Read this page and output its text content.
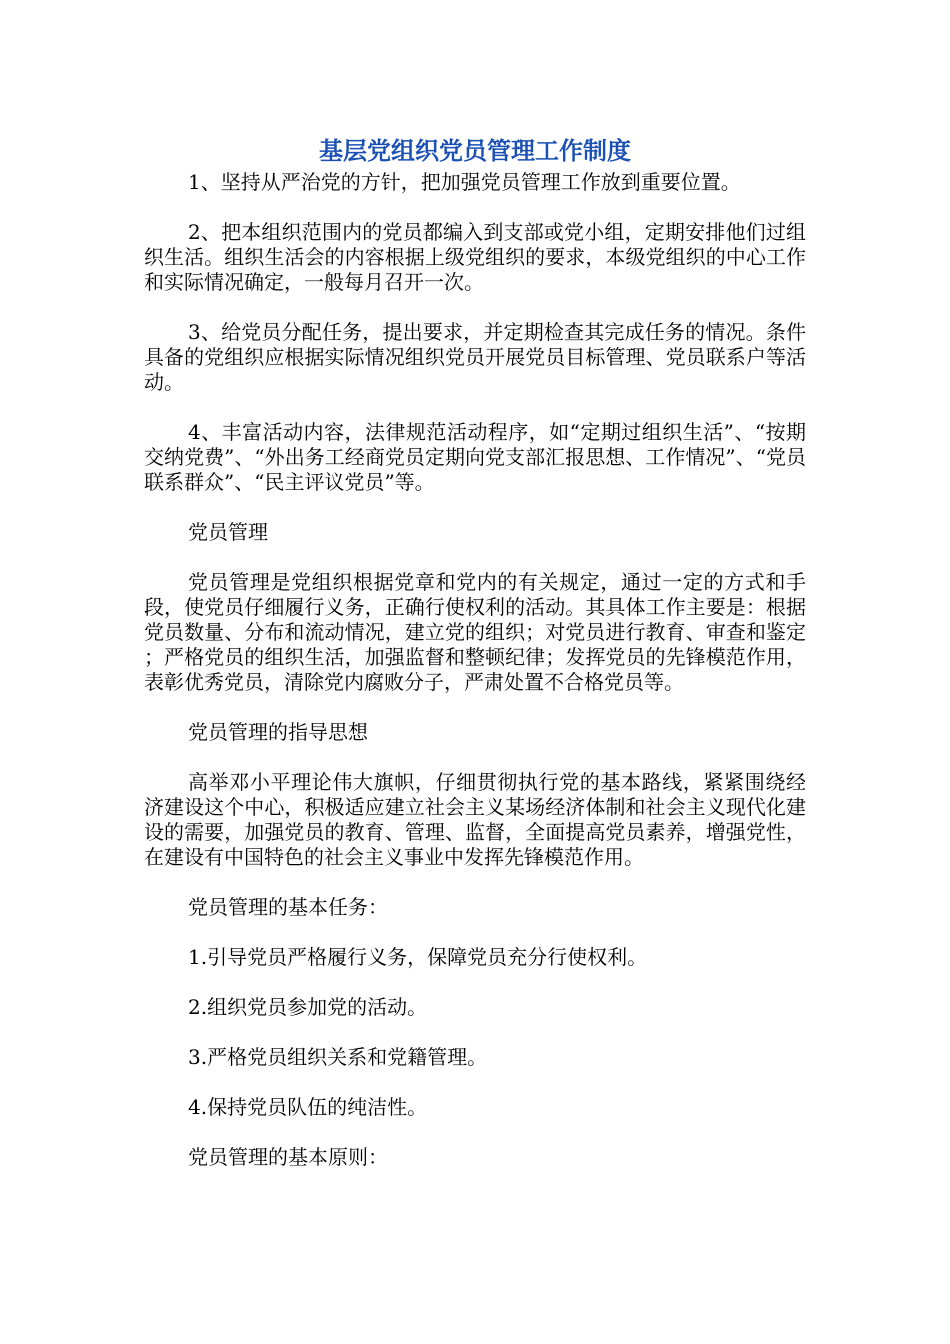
基层党组织党员管理工作制度

1、坚持从严治党的方针，把加强党员管理工作放到重要位置。

2、把本组织范围内的党员都编入到支部或党小组，定期安排他们过组织生活。组织生活会的内容根据上级党组织的要求，本级党组织的中心工作和实际情况确定，一般每月召开一次。

3、给党员分配任务，提出要求，并定期检查其完成任务的情况。条件具备的党组织应根据实际情况组织党员开展党员目标管理、党员联系户等活动。

4、丰富活动内容，法律规范活动程序，如“定期过组织生活”、“按期交纳党费”、“外出务工经商党员定期向党支部汇报思想、工作情况”、“党员联系群众”、“民主评议党员”等。

党员管理

党员管理是党组织根据党章和党内的有关规定，通过一定的方式和手段，使党员仔细履行义务，正确行使权利的活动。其具体工作主要是：根据党员数量、分布和流动情况，建立党的组织；对党员进行教育、审查和鉴定；严格党员的组织生活，加强监督和整顿纪律；发挥党员的先锋模范作用，表彰优秀党员，清除党内腐败分子，严肃处置不合格党员等。

党员管理的指导思想

高举邓小平理论伟大旗帜，仔细贯彻执行党的基本路线，紧紧围绕经济建设这个中心，积极适应建立社会主义某场经济体制和社会主义现代化建设的需要，加强党员的教育、管理、监督，全面提高党员素养，增强党性，在建设有中国特色的社会主义事业中发挥先锋模范作用。

党员管理的基本任务：

1.引导党员严格履行义务，保障党员充分行使权利。

2.组织党员参加党的活动。

3.严格党员组织关系和党籍管理。

4.保持党员队伍的纯洁性。

党员管理的基本原则：
